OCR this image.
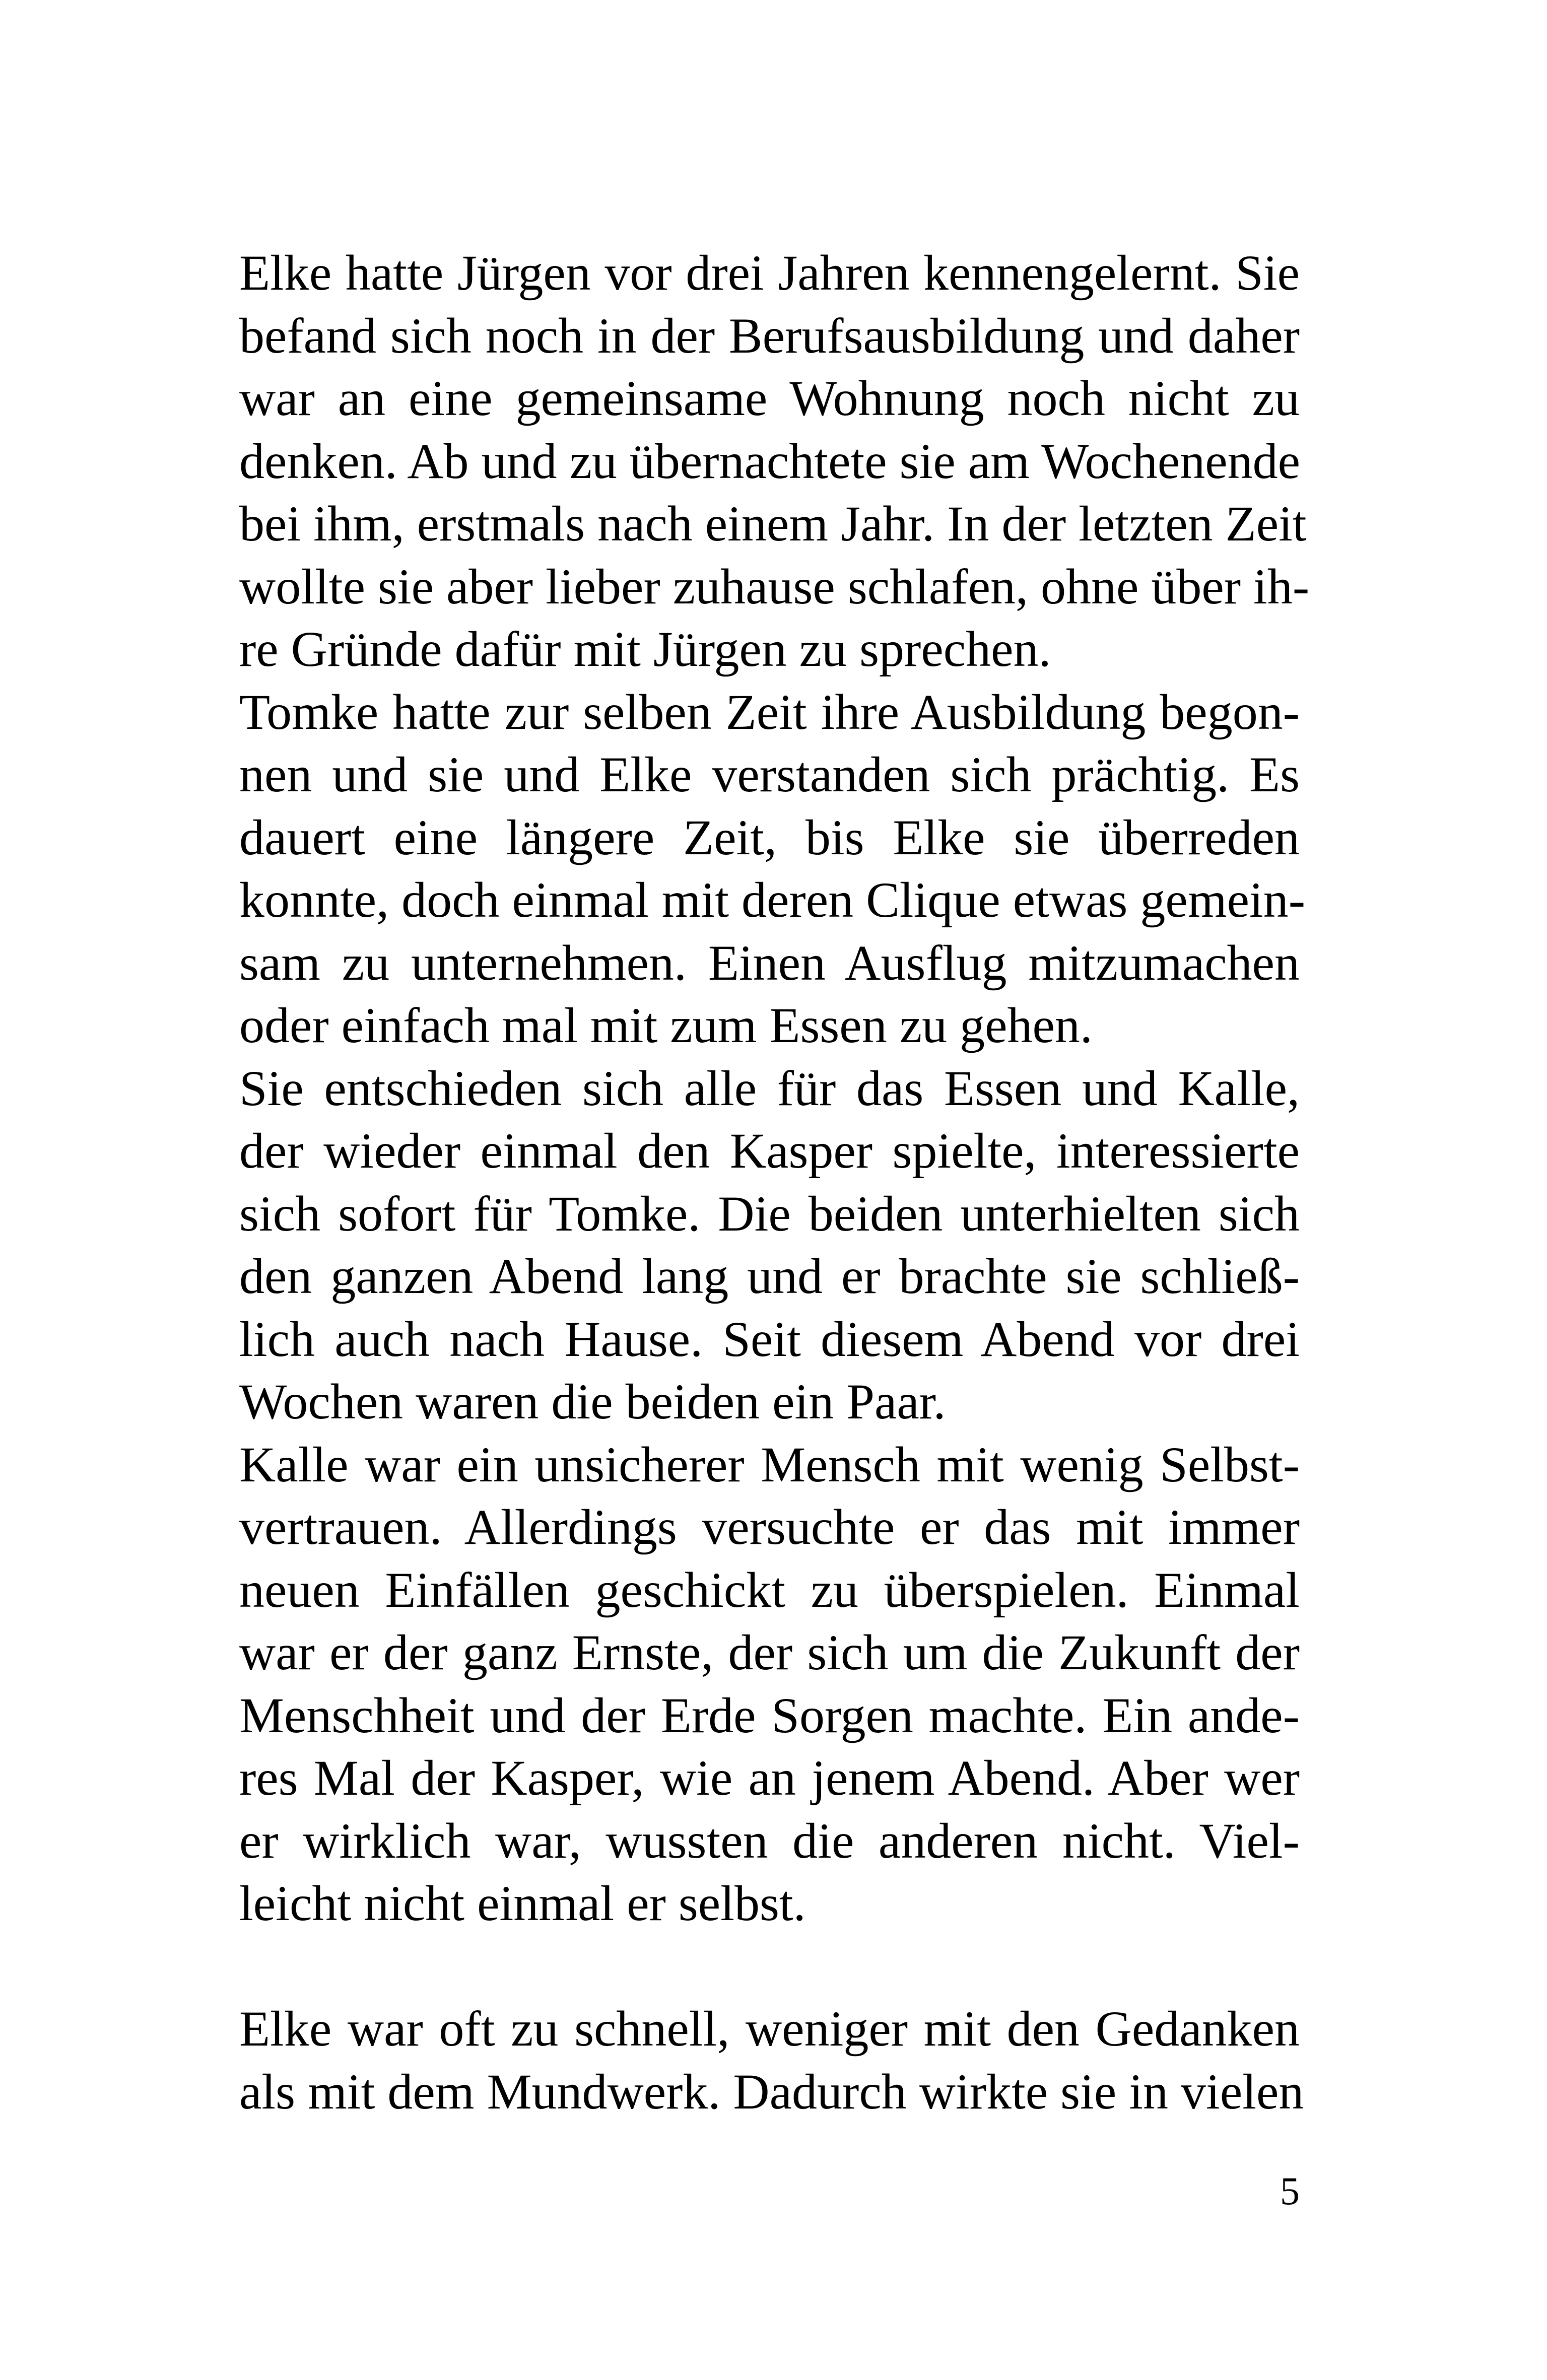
Elke hatte Jürgen vor drei Jahren kennengelernt. Sie
befand sich noch in der Berufsausbildung und daher
war an eine gemeinsame Wohnung noch nicht zu
denken. Ab und zu übernachtete sie am Wochenende
bei ihm, erstmals nach einem Jahr. In der letzten Zeit
wollte sie aber lieber zuhause schlafen, ohne über ih-
re Gründe dafür mit Jürgen zu sprechen.

Tomke hatte zur selben Zeit ihre Ausbildung begon-
nen und sie und Elke verstanden sich prächtig. Es
dauert eine längere Zeit, bis Elke sie überreden
konnte, doch einmal mit deren Clique etwas gemein-
sam zu unternehmen. Einen Ausflug mitzumachen
oder einfach mal mit zum Essen zu gehen.

Sie entschieden sich alle für das Essen und Kalle,
der wieder einmal den Kasper spielte, interessierte
sich sofort für Tomke. Die beiden unterhielten sich
den ganzen Abend lang und er brachte sie schließ-
lich auch nach Hause. Seit diesem Abend vor drei
Wochen waren die beiden ein Paar.

Kalle war ein unsicherer Mensch mit wenig Selbst-
vertrauen. Allerdings versuchte er das mit immer
neuen Einfällen geschickt zu überspielen. Einmal
war er der ganz Ernste, der sich um die Zukunft der
Menschheit und der Erde Sorgen machte. Ein ande-
res Mal der Kasper, wie an jenem Abend. Aber wer
er wirklich war, wussten die anderen nicht. Viel-
leicht nicht einmal er selbst.

Elke war oft zu schnell, weniger mit den Gedanken
als mit dem Mundwerk. Dadurch wirkte sie in vielen

5
